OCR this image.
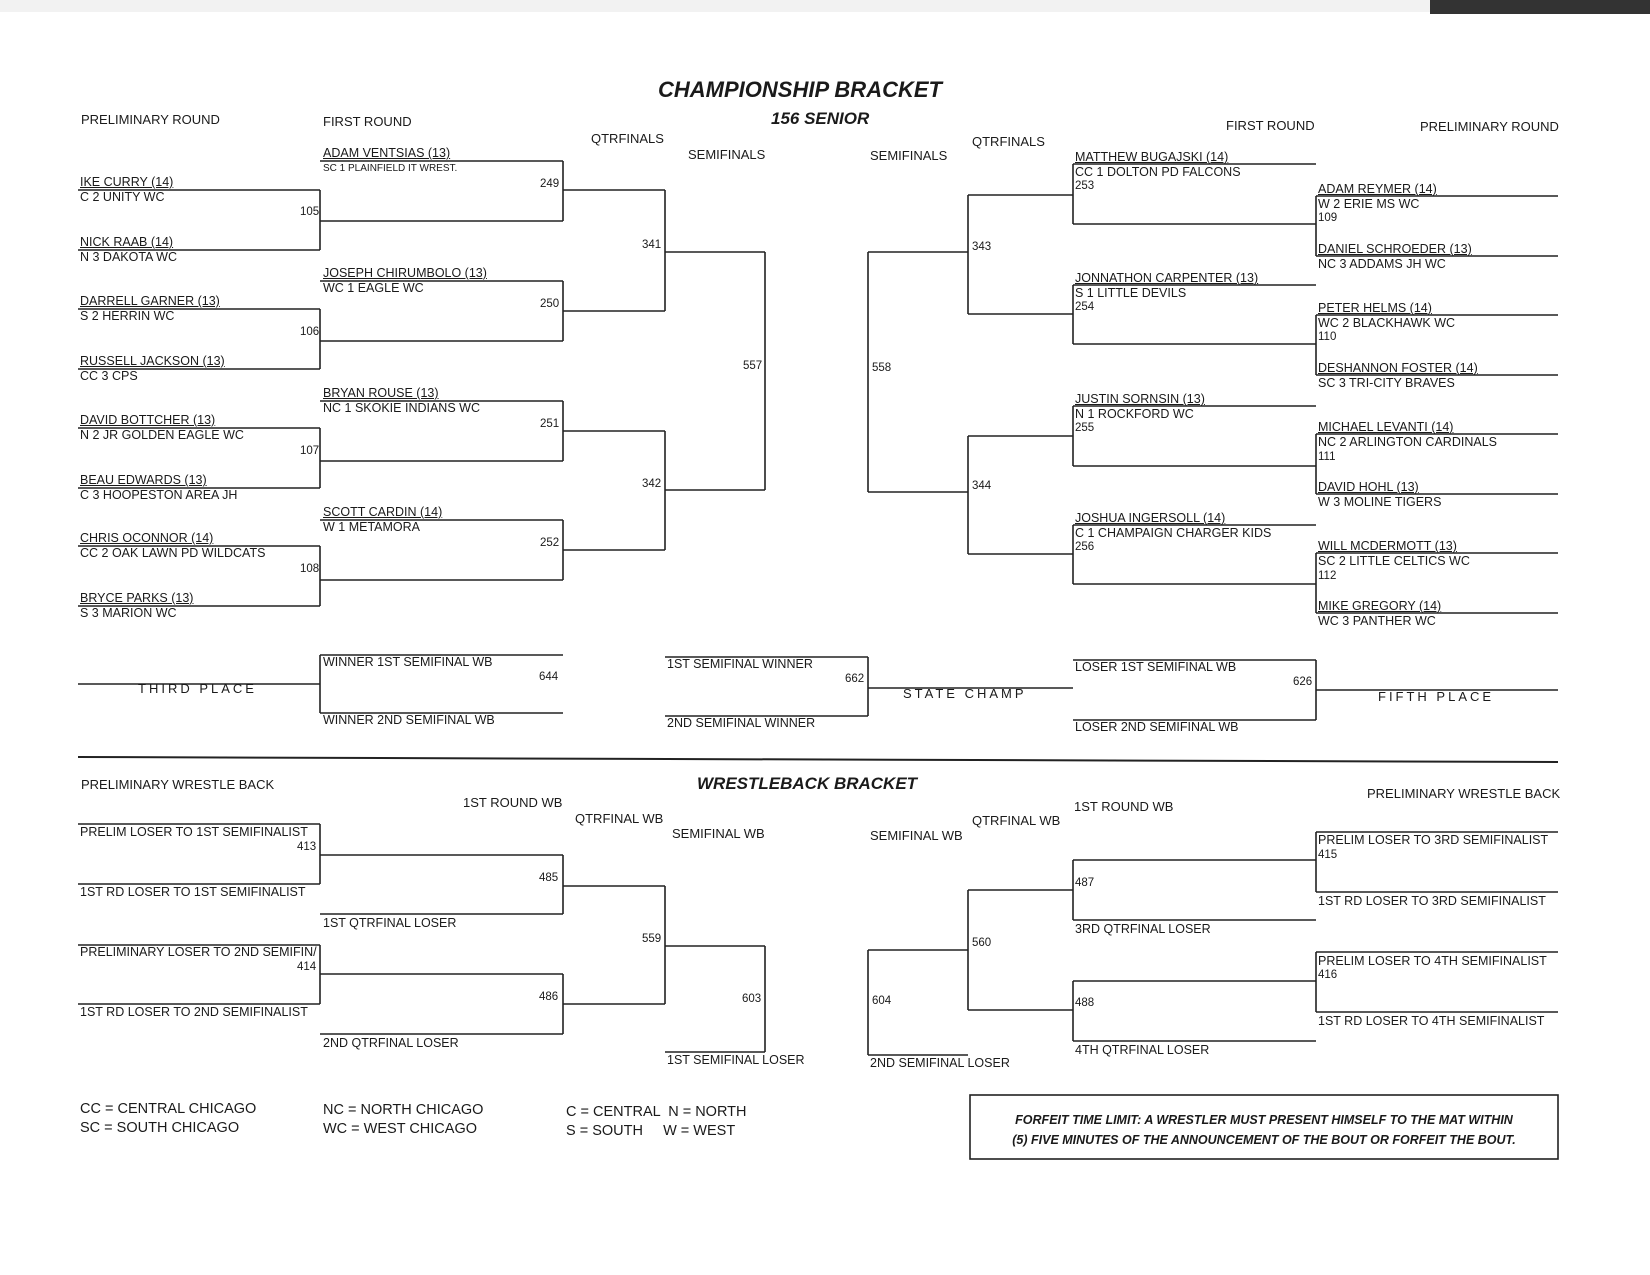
CHAMPIONSHIP BRACKET
156 SENIOR
PRELIMINARY ROUND	FIRST ROUND
QTRFINALS
SEMIFINALS	SEMIFINALS
QTRFINALS
FIRST ROUND	PRELIMINARY ROUND
IKE CURRY (14)
C 2 UNITY WC
NICK RAAB (14)
N 3 DAKOTA WC
DARRELL GARNER (13)
S 2 HERRIN WC
RUSSELL JACKSON (13)
CC 3 CPS
DAVID BOTTCHER (13)
N 2 JR GOLDEN EAGLE WC
BEAU EDWARDS (13)
C 3 HOOPESTON AREA JH
CHRIS OCONNOR (14)
CC 2 OAK LAWN PD WILDCATS
BRYCE PARKS (13)
S 3 MARION WC
105
106
107
108
ADAM VENTSIAS (13)
SC 1 PLAINFIELD IT WREST.
JOSEPH CHIRUMBOLO (13)
WC 1 EAGLE WC
BRYAN ROUSE (13)
NC 1 SKOKIE INDIANS WC
SCOTT CARDIN (14)
W 1 METAMORA
249
250
251
252
341
342
557	558
343
344
MATTHEW BUGAJSKI (14)
CC 1 DOLTON PD FALCONS
253
JONNATHON CARPENTER (13)
S 1 LITTLE DEVILS
254
JUSTIN SORNSIN (13)
N 1 ROCKFORD WC
255
JOSHUA INGERSOLL (14)
C 1 CHAMPAIGN CHARGER KIDS
256
ADAM REYMER (14)
W 2 ERIE MS WC
109
DANIEL SCHROEDER (13)
NC 3 ADDAMS JH WC
PETER HELMS (14)
WC 2 BLACKHAWK WC
110
DESHANNON FOSTER (14)
SC 3 TRI-CITY BRAVES
MICHAEL LEVANTI (14)
NC 2 ARLINGTON CARDINALS
111
DAVID HOHL (13)
W 3 MOLINE TIGERS
WILL MCDERMOTT (13)
SC 2 LITTLE CELTICS WC
112
MIKE GREGORY (14)
WC 3 PANTHER WC
THIRD PLACE
WINNER 1ST SEMIFINAL WB
WINNER 2ND SEMIFINAL WB
644
1ST SEMIFINAL WINNER
2ND SEMIFINAL WINNER
662
STATE CHAMP
LOSER 1ST SEMIFINAL WB
LOSER 2ND SEMIFINAL WB
626
FIFTH PLACE
WRESTLEBACK BRACKET
PRELIMINARY WRESTLE BACK
1ST ROUND WB
QTRFINAL WB
SEMIFINAL WB	SEMIFINAL WB
QTRFINAL WB
1ST ROUND WB
PRELIMINARY WRESTLE BACK
PRELIM LOSER TO 1ST SEMIFINALIST
413
1ST RD LOSER TO 1ST SEMIFINALIST
PRELIMINARY LOSER TO 2ND SEMIFIN/
414
1ST RD LOSER TO 2ND SEMIFINALIST
485
486
1ST QTRFINAL LOSER
2ND QTRFINAL LOSER
559
1ST SEMIFINAL LOSER
603	604
2ND SEMIFINAL LOSER
560
487
488
3RD QTRFINAL LOSER
4TH QTRFINAL LOSER
PRELIM LOSER TO 3RD SEMIFINALIST
415
1ST RD LOSER TO 3RD SEMIFINALIST
PRELIM LOSER TO 4TH SEMIFINALIST
416
1ST RD LOSER TO 4TH SEMIFINALIST
CC = CENTRAL CHICAGO
SC = SOUTH CHICAGO
NC = NORTH CHICAGO
WC = WEST CHICAGO
C = CENTRAL  N = NORTH
S = SOUTH     W = WEST
FORFEIT TIME LIMIT: A WRESTLER MUST PRESENT HIMSELF TO THE MAT WITHIN
(5) FIVE MINUTES OF THE ANNOUNCEMENT OF THE BOUT OR FORFEIT THE BOUT.
